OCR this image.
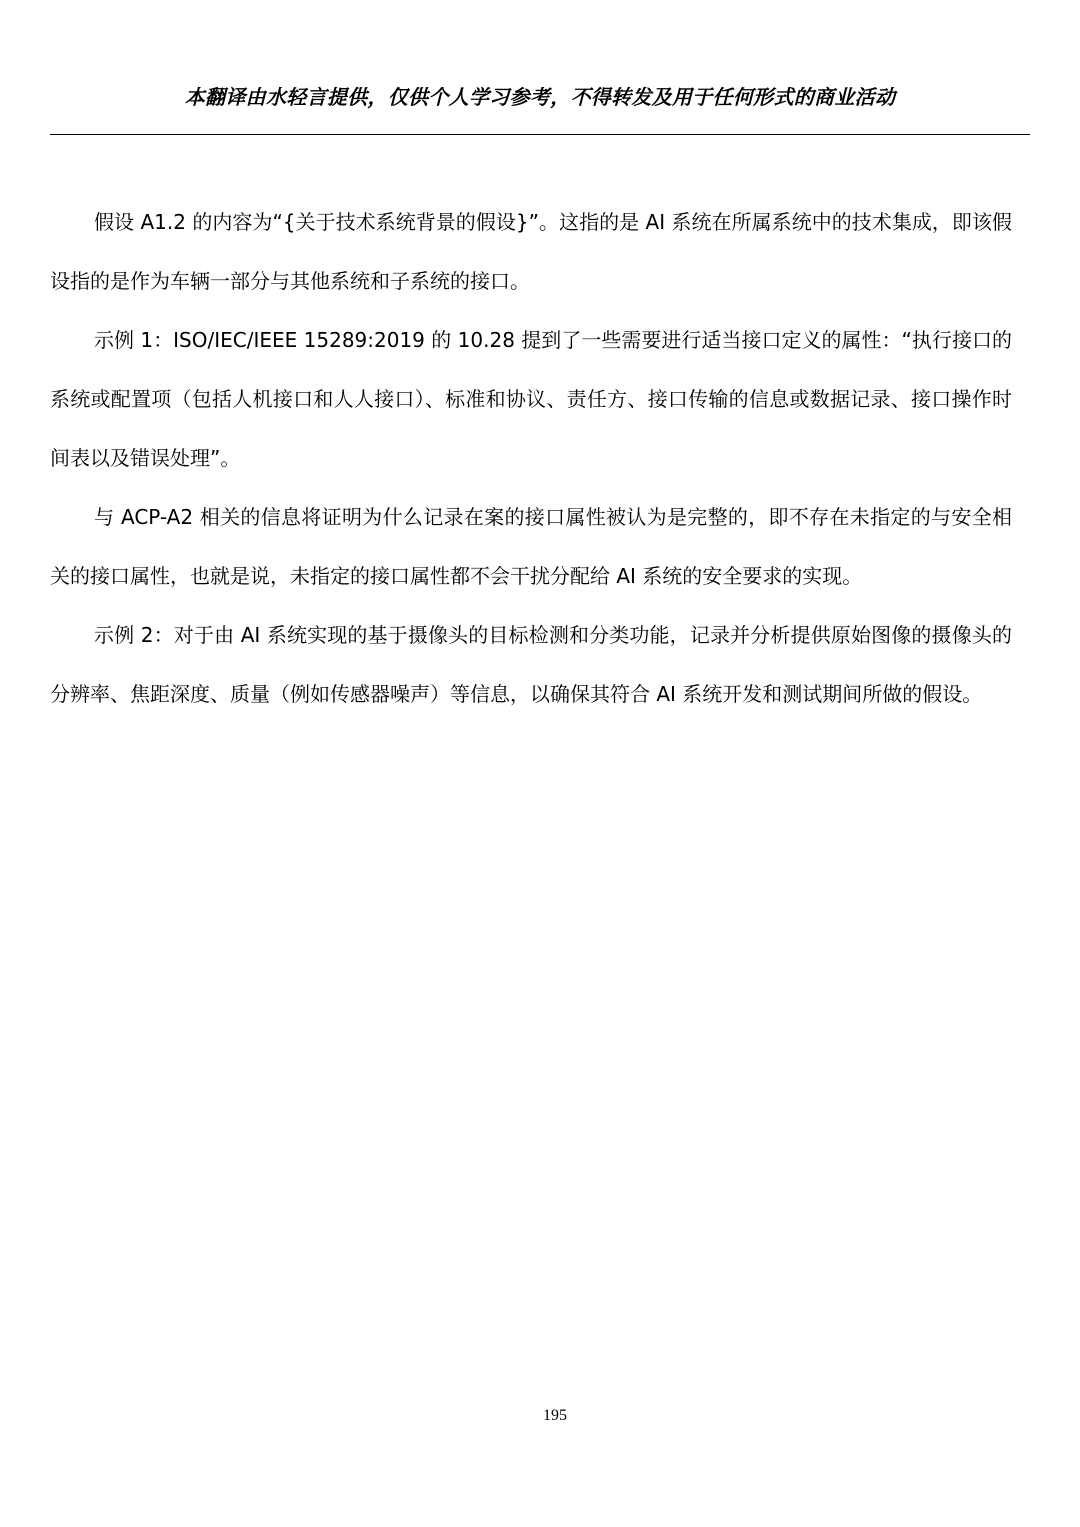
本翻译由水轻言提供，仅供个人学习参考，不得转发及用于任何形式的商业活动

假设 A1.2 的内容为“{关于技术系统背景的假设}”。这指的是 AI 系统在所属系统中的技术集成，即该假设指的是作为车辆一部分与其他系统和子系统的接口。

示例 1：ISO/IEC/IEEE 15289:2019 的 10.28 提到了一些需要进行适当接口定义的属性：“执行接口的系统或配置项（包括人机接口和人人接口）、标准和协议、责任方、接口传输的信息或数据记录、接口操作时间表以及错误处理”。

与 ACP-A2 相关的信息将证明为什么记录在案的接口属性被认为是完整的，即不存在未指定的与安全相关的接口属性，也就是说，未指定的接口属性都不会干扰分配给 AI 系统的安全要求的实现。

示例 2：对于由 AI 系统实现的基于摄像头的目标检测和分类功能，记录并分析提供原始图像的摄像头的分辨率、焦距深度、质量（例如传感器噪声）等信息，以确保其符合 AI 系统开发和测试期间所做的假设。

195
